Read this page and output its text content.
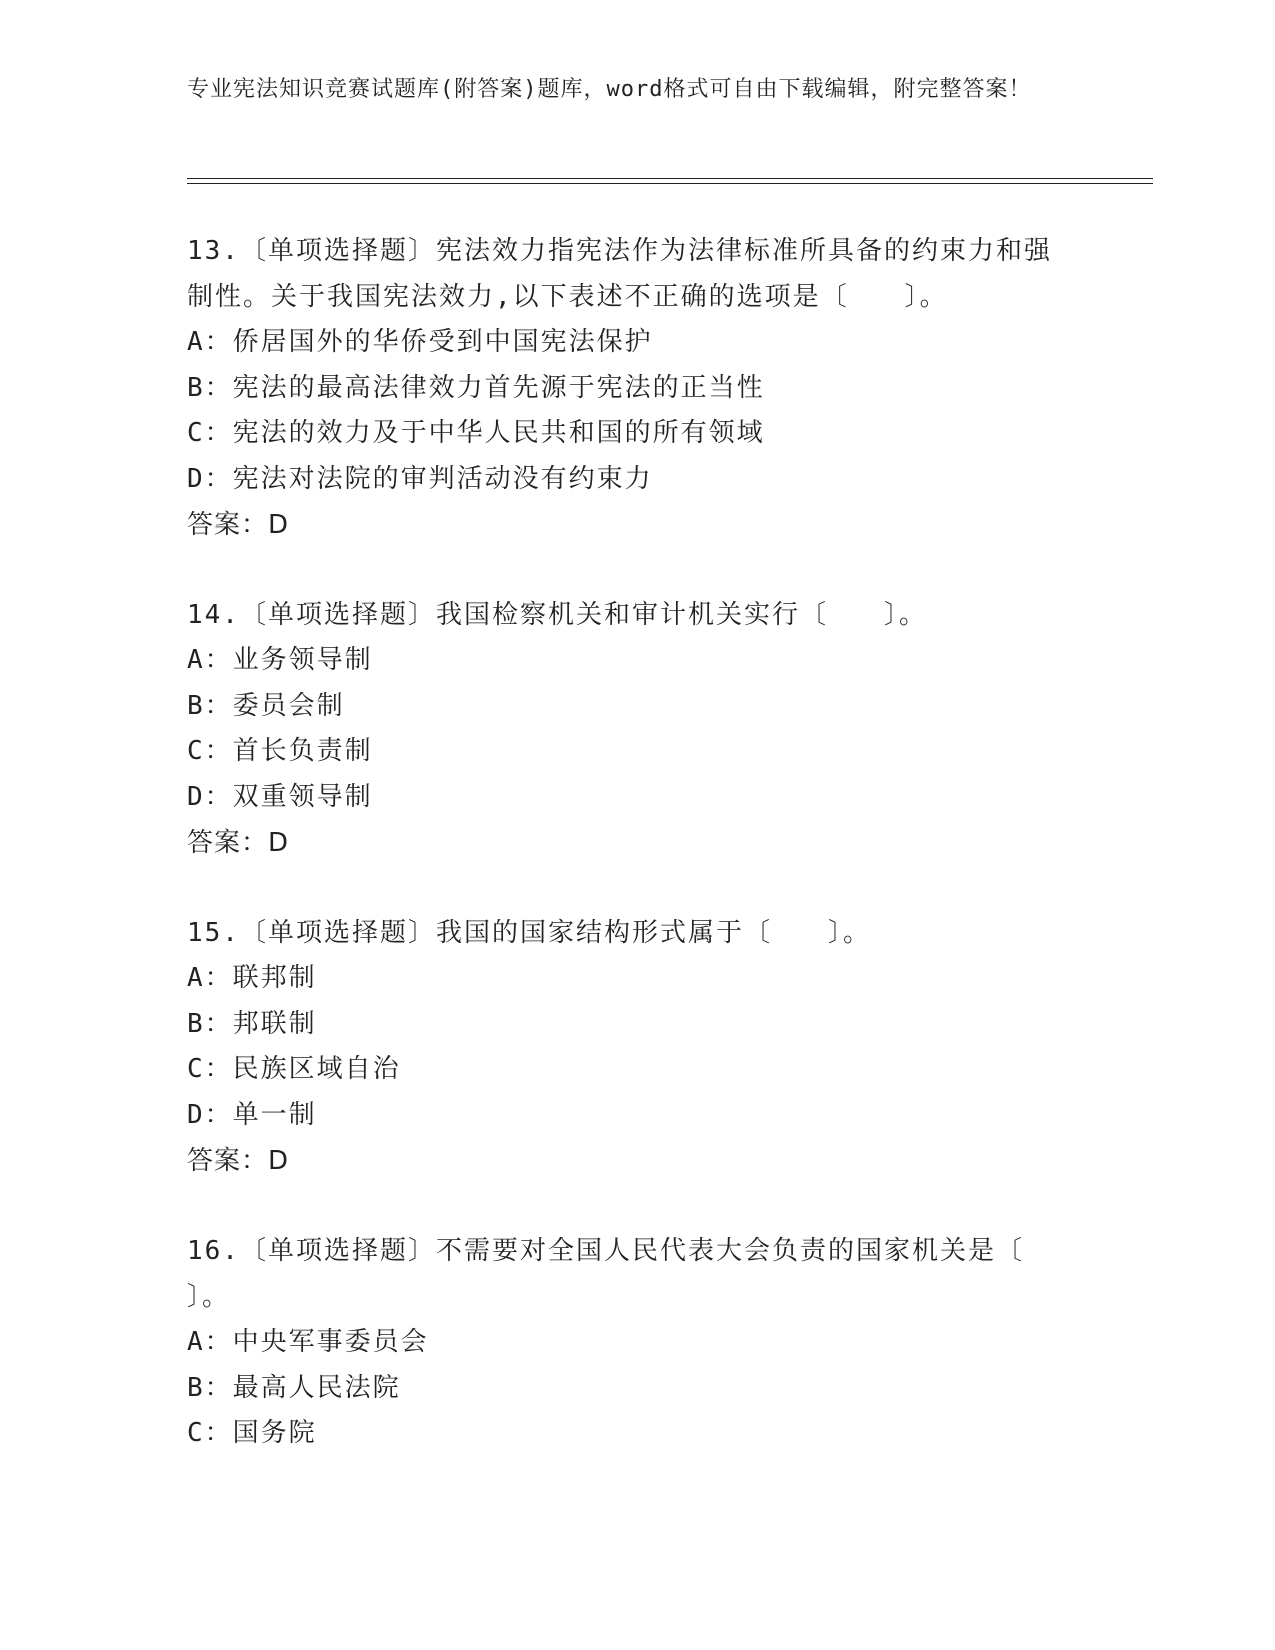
专业宪法知识竞赛试题库(附答案)题库，word格式可自由下载编辑，附完整答案！
13.〔单项选择题〕宪法效力指宪法作为法律标准所具备的约束力和强制性。关于我国宪法效力,以下表述不正确的选项是〔　　〕。
A：侨居国外的华侨受到中国宪法保护
B：宪法的最高法律效力首先源于宪法的正当性
C：宪法的效力及于中华人民共和国的所有领域
D：宪法对法院的审判活动没有约束力
答案：D
14.〔单项选择题〕我国检察机关和审计机关实行〔　　〕。
A：业务领导制
B：委员会制
C：首长负责制
D：双重领导制
答案：D
15.〔单项选择题〕我国的国家结构形式属于〔　　〕。
A：联邦制
B：邦联制
C：民族区域自治
D：单一制
答案：D
16.〔单项选择题〕不需要对全国人民代表大会负责的国家机关是〔　　〕。
A：中央军事委员会
B：最高人民法院
C：国务院
